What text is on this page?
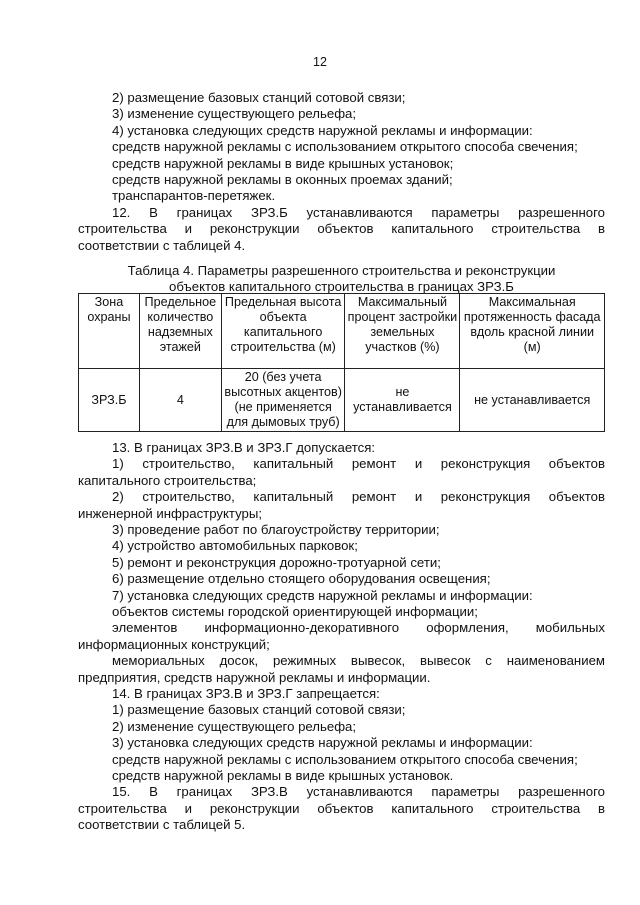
12
2) размещение базовых станций сотовой связи;
3) изменение существующего рельефа;
4) установка следующих средств наружной рекламы и информации:
средств наружной рекламы с использованием открытого способа свечения;
средств наружной рекламы в виде крышных установок;
средств наружной рекламы в оконных проемах зданий;
транспарантов-перетяжек.
12. В границах ЗРЗ.Б устанавливаются параметры разрешенного
строительства и реконструкции объектов капитального строительства в
соответствии с таблицей 4.
Таблица 4. Параметры разрешенного строительства и реконструкции
объектов капитального строительства в границах ЗРЗ.Б
Зона охраны	Предельное количество надземных этажей	Предельная высота объекта капитального строительства (м)	Максимальный процент застройки земельных участков (%)	Максимальная протяженность фасада вдоль красной линии (м)
ЗРЗ.Б	4	20 (без учета высотных акцентов) (не применяется для дымовых труб)	не устанавливается	не устанавливается
13. В границах ЗРЗ.В и ЗРЗ.Г допускается:
1) строительство, капитальный ремонт и реконструкция объектов
капитального строительства;
2) строительство, капитальный ремонт и реконструкция объектов
инженерной инфраструктуры;
3) проведение работ по благоустройству территории;
4) устройство автомобильных парковок;
5) ремонт и реконструкция дорожно-тротуарной сети;
6) размещение отдельно стоящего оборудования освещения;
7) установка следующих средств наружной рекламы и информации:
объектов системы городской ориентирующей информации;
элементов информационно-декоративного оформления, мобильных
информационных конструкций;
мемориальных досок, режимных вывесок, вывесок с наименованием
предприятия, средств наружной рекламы и информации.
14. В границах ЗРЗ.В и ЗРЗ.Г запрещается:
1) размещение базовых станций сотовой связи;
2) изменение существующего рельефа;
3) установка следующих средств наружной рекламы и информации:
средств наружной рекламы с использованием открытого способа свечения;
средств наружной рекламы в виде крышных установок.
15. В границах ЗРЗ.В устанавливаются параметры разрешенного
строительства и реконструкции объектов капитального строительства в
соответствии с таблицей 5.
